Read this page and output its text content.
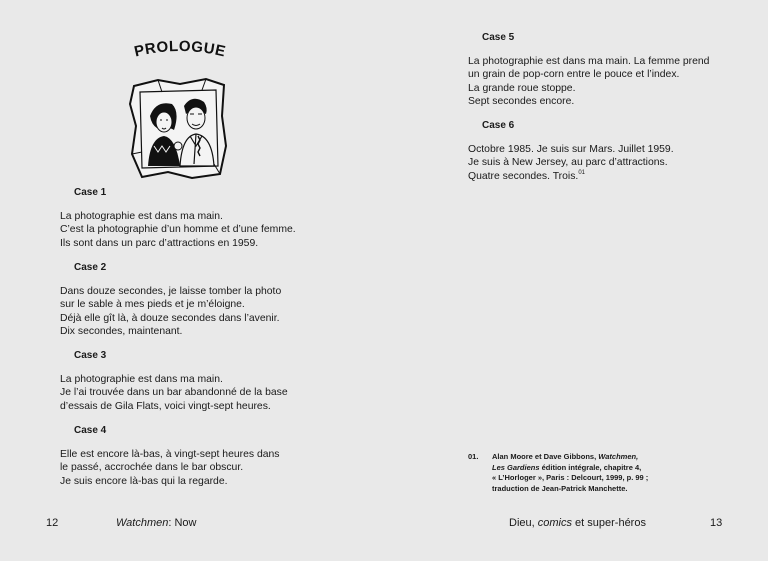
PROLOGUE
Case 1
La photographie est dans ma main.
C’est la photographie d’un homme et d’une femme.
Ils sont dans un parc d’attractions en 1959.
Case 2
Dans douze secondes, je laisse tomber la photo
sur le sable à mes pieds et je m’éloigne.
Déjà elle gît là, à douze secondes dans l’avenir.
Dix secondes, maintenant.
Case 3
La photographie est dans ma main.
Je l’ai trouvée dans un bar abandonné de la base
d’essais de Gila Flats, voici vingt-sept heures.
Case 4
Elle est encore là-bas, à vingt-sept heures dans
le passé, accrochée dans le bar obscur.
Je suis encore là-bas qui la regarde.
12	Watchmen: Now
Case 5
La photographie est dans ma main. La femme prend
un grain de pop-corn entre le pouce et l’index.
La grande roue stoppe.
Sept secondes encore.
Case 6
Octobre 1985. Je suis sur Mars. Juillet 1959.
Je suis à New Jersey, au parc d’attractions.
Quatre secondes. Trois.$^{01}$
01. Alan Moore et Dave Gibbons, Watchmen,
Les Gardiens édition intégrale, chapitre 4,
« L’Horloger », Paris : Delcourt, 1999, p. 99 ;
traduction de Jean-Patrick Manchette.
Dieu, comics et super-héros	13
